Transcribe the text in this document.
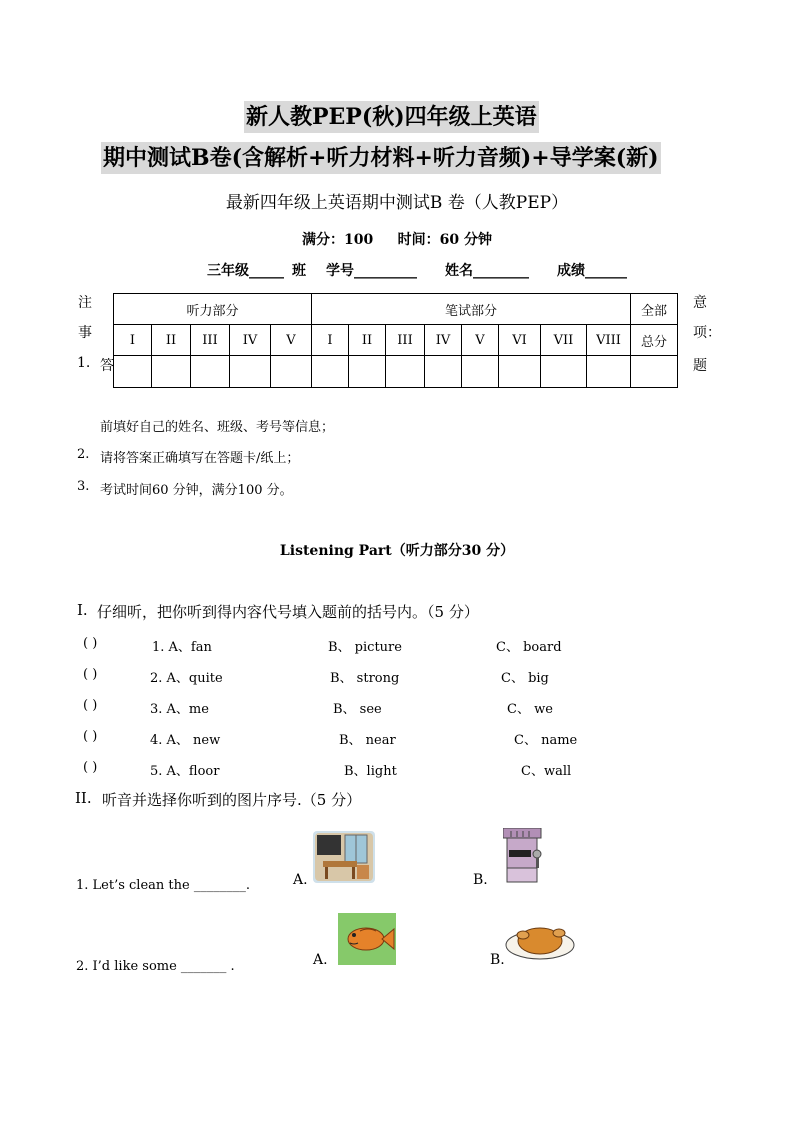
新人教PEP(秋)四年级上英语
期中测试B卷(含解析+听力材料+听力音频)+导学案(新)
最新四年级上英语期中测试B 卷（人教PEP）
满分：100 时间：60 分钟
三年级_____ 班 学号_________ 姓名________ 成绩______
注
事
1. 答
意
项：
题
听力部分					笔试部分								全部
I	II	III	IV	V	I	II	III	IV	V	VI	VII	VIII	总分

前填好自己的姓名、班级、考号等信息；
2. 请将答案正确填写在答题卡/纸上；
3. 考试时间60 分钟，满分100 分。
Listening Part（听力部分30 分）
I. 仔细听，把你听到得内容代号填入题前的括号内。（5 分）
( )	1. A、fan	B、 picture	C、 board
( )	2. A、quite	B、 strong	C、 big
( )	3. A、me	B、 see	C、 we
( )	4. A、 new	B、 near	C、 name
( )	5. A、floor	B、light	C、wall
II. 听音并选择你听到的图片序号.（5 分）
1. Let’s clean the ________.	A.	B.
2. I’d like some _______ .	A.	B.
